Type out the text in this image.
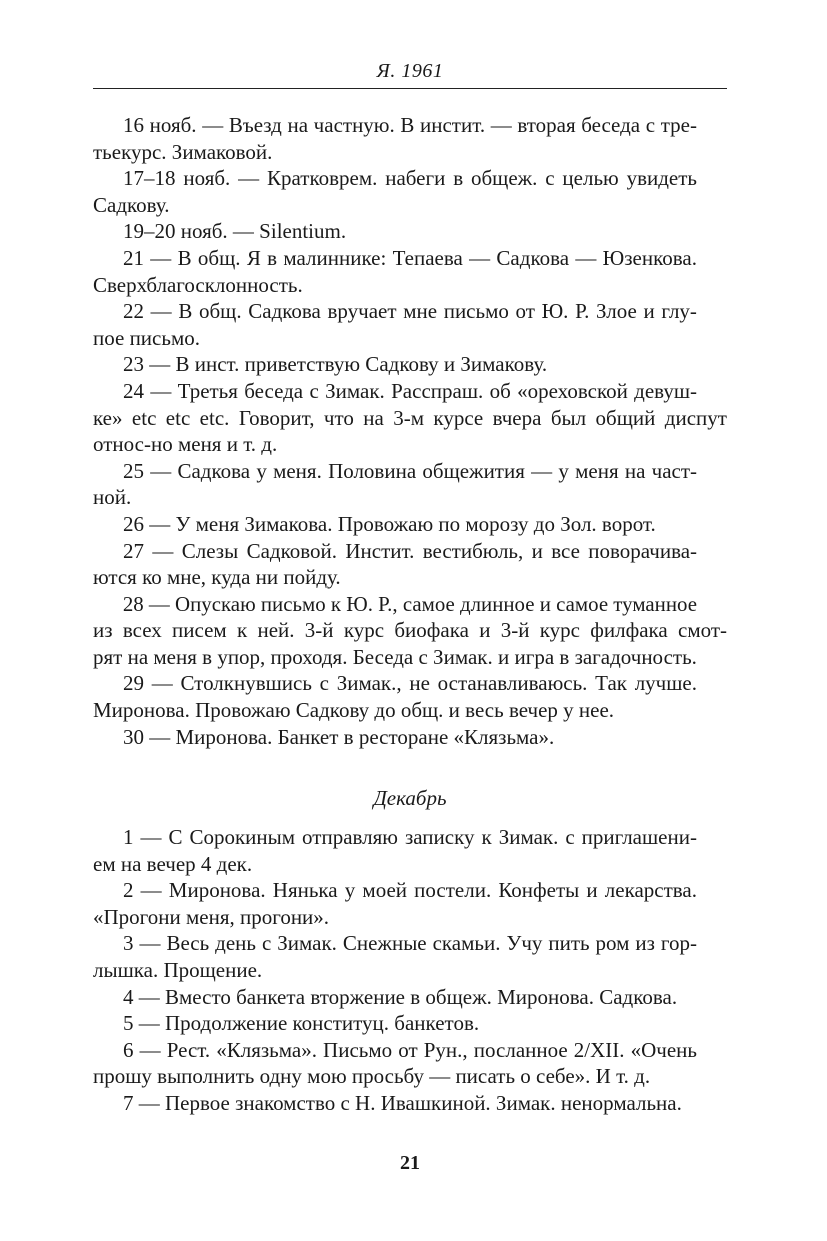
Я. 1961

16 нояб. — Въезд на частную. В инстит. — вторая беседа с тре-
тьекурс. Зимаковой.

17–18 нояб. — Кратковрем. набеги в общеж. с целью увидеть
Садкову.

19–20 нояб. — Silentium.

21 — В общ. Я в малиннике: Тепаева — Садкова — Юзенкова.
Сверхблагосклонность.

22 — В общ. Садкова вручает мне письмо от Ю. Р. Злое и глу-
пое письмо.

23 — В инст. приветствую Садкову и Зимакову.

24 — Третья беседа с Зимак. Расспраш. об «ореховской девуш-
ке» etc etc etc. Говорит, что на 3-м курсе вчера был общий диспут
относ-но меня и т. д.

25 — Садкова у меня. Половина общежития — у меня на част-
ной.

26 — У меня Зимакова. Провожаю по морозу до Зол. ворот.

27 — Слезы Садковой. Инстит. вестибюль, и все поворачива-
ются ко мне, куда ни пойду.

28 — Опускаю письмо к Ю. Р., самое длинное и самое туманное
из всех писем к ней. 3-й курс биофака и 3-й курс филфака смот-
рят на меня в упор, проходя. Беседа с Зимак. и игра в загадочность.

29 — Столкнувшись с Зимак., не останавливаюсь. Так лучше.
Миронова. Провожаю Садкову до общ. и весь вечер у нее.

30 — Миронова. Банкет в ресторане «Клязьма».

Декабрь

1 — С Сорокиным отправляю записку к Зимак. с приглашени-
ем на вечер 4 дек.

2 — Миронова. Нянька у моей постели. Конфеты и лекарства.
«Прогони меня, прогони».

3 — Весь день с Зимак. Снежные скамьи. Учу пить ром из гор-
лышка. Прощение.

4 — Вместо банкета вторжение в общеж. Миронова. Садкова.

5 — Продолжение конституц. банкетов.

6 — Рест. «Клязьма». Письмо от Рун., посланное 2/XII. «Очень
прошу выполнить одну мою просьбу — писать о себе». И т. д.

7 — Первое знакомство с Н. Ивашкиной. Зимак. ненормальна.

21
